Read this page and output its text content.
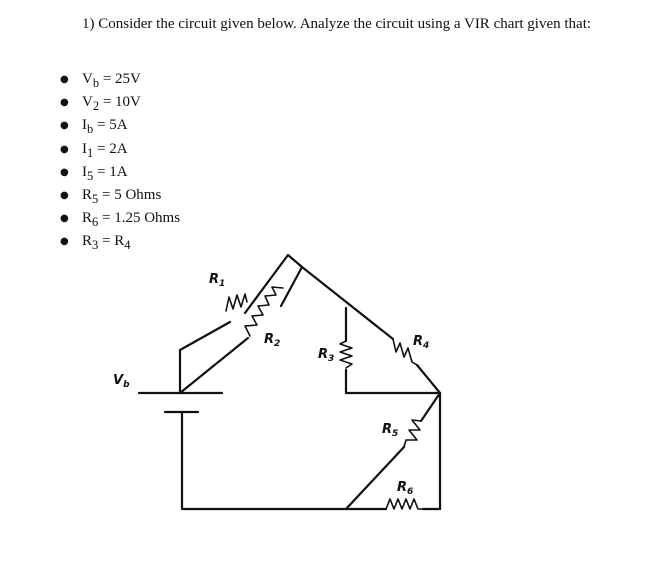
1) Consider the circuit given below. Analyze the circuit using a VIR chart given that:
● $V_b = 25V$
● $V_2 = 10V$
● $I_b = 5A$
● $I_1 = 2A$
● $I_5 = 1A$
● $R_5 = 5$ Ohms
● $R_6 = 1.25$ Ohms
● $R_3 = R_4$
$R_1$
$R_2$
$R_3$
$R_4$
$R_5$
$R_6$
$V_b$
